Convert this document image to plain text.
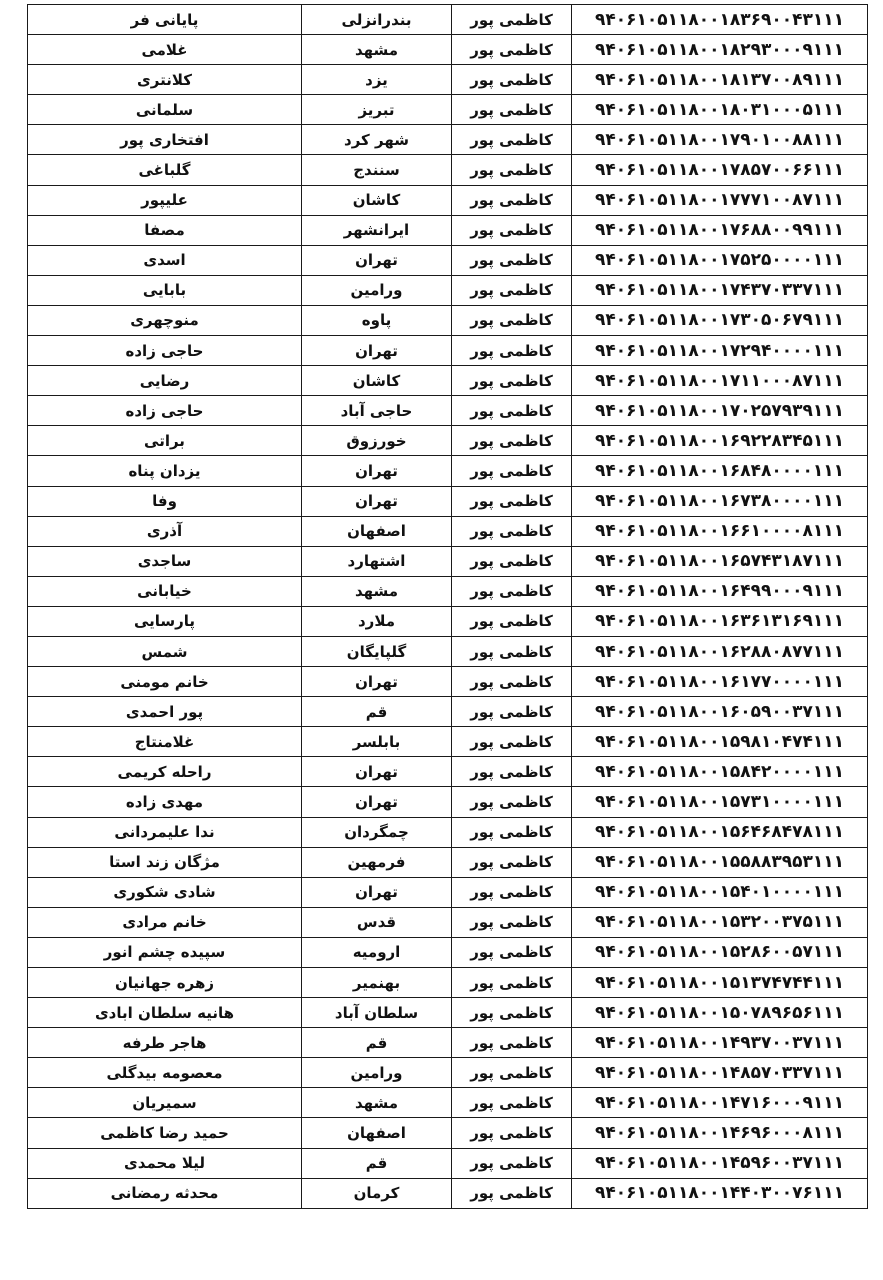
۹۴۰۶۱۰۵۱۱۸۰۰۱۸۳۶۹۰۰۴۳۱۱۱	کاظمی پور	بندرانزلی	پایانی فر
۹۴۰۶۱۰۵۱۱۸۰۰۱۸۲۹۳۰۰۰۹۱۱۱	کاظمی پور	مشهد	غلامی
۹۴۰۶۱۰۵۱۱۸۰۰۱۸۱۳۷۰۰۸۹۱۱۱	کاظمی پور	یزد	کلانتری
۹۴۰۶۱۰۵۱۱۸۰۰۱۸۰۳۱۰۰۰۵۱۱۱	کاظمی پور	تبریز	سلمانی
۹۴۰۶۱۰۵۱۱۸۰۰۱۷۹۰۱۰۰۸۸۱۱۱	کاظمی پور	شهر کرد	افتخاری پور
۹۴۰۶۱۰۵۱۱۸۰۰۱۷۸۵۷۰۰۶۶۱۱۱	کاظمی پور	سنندج	گلباغی
۹۴۰۶۱۰۵۱۱۸۰۰۱۷۷۷۱۰۰۸۷۱۱۱	کاظمی پور	کاشان	علیپور
۹۴۰۶۱۰۵۱۱۸۰۰۱۷۶۸۸۰۰۹۹۱۱۱	کاظمی پور	ایرانشهر	مصفا
۹۴۰۶۱۰۵۱۱۸۰۰۱۷۵۲۵۰۰۰۰۱۱۱	کاظمی پور	تهران	اسدی
۹۴۰۶۱۰۵۱۱۸۰۰۱۷۴۳۷۰۳۳۷۱۱۱	کاظمی پور	ورامین	بابایی
۹۴۰۶۱۰۵۱۱۸۰۰۱۷۳۰۵۰۶۷۹۱۱۱	کاظمی پور	پاوه	منوچهری
۹۴۰۶۱۰۵۱۱۸۰۰۱۷۲۹۴۰۰۰۰۱۱۱	کاظمی پور	تهران	حاجی زاده
۹۴۰۶۱۰۵۱۱۸۰۰۱۷۱۱۰۰۰۸۷۱۱۱	کاظمی پور	کاشان	رضایی
۹۴۰۶۱۰۵۱۱۸۰۰۱۷۰۲۵۷۹۳۹۱۱۱	کاظمی پور	حاجی آباد	حاجی زاده
۹۴۰۶۱۰۵۱۱۸۰۰۱۶۹۲۲۸۳۴۵۱۱۱	کاظمی پور	خورزوق	براتی
۹۴۰۶۱۰۵۱۱۸۰۰۱۶۸۴۸۰۰۰۰۱۱۱	کاظمی پور	تهران	یزدان پناه
۹۴۰۶۱۰۵۱۱۸۰۰۱۶۷۳۸۰۰۰۰۱۱۱	کاظمی پور	تهران	وفا
۹۴۰۶۱۰۵۱۱۸۰۰۱۶۶۱۰۰۰۰۸۱۱۱	کاظمی پور	اصفهان	آذری
۹۴۰۶۱۰۵۱۱۸۰۰۱۶۵۷۴۳۱۸۷۱۱۱	کاظمی پور	اشتهارد	ساجدی
۹۴۰۶۱۰۵۱۱۸۰۰۱۶۴۹۹۰۰۰۹۱۱۱	کاظمی پور	مشهد	خیابانی
۹۴۰۶۱۰۵۱۱۸۰۰۱۶۳۶۱۳۱۶۹۱۱۱	کاظمی پور	ملارد	پارسایی
۹۴۰۶۱۰۵۱۱۸۰۰۱۶۲۸۸۰۸۷۷۱۱۱	کاظمی پور	گلپایگان	شمس
۹۴۰۶۱۰۵۱۱۸۰۰۱۶۱۷۷۰۰۰۰۱۱۱	کاظمی پور	تهران	خانم مومنی
۹۴۰۶۱۰۵۱۱۸۰۰۱۶۰۵۹۰۰۳۷۱۱۱	کاظمی پور	قم	پور احمدی
۹۴۰۶۱۰۵۱۱۸۰۰۱۵۹۸۱۰۴۷۴۱۱۱	کاظمی پور	بابلسر	غلامنتاج
۹۴۰۶۱۰۵۱۱۸۰۰۱۵۸۴۲۰۰۰۰۱۱۱	کاظمی پور	تهران	راحله کریمی
۹۴۰۶۱۰۵۱۱۸۰۰۱۵۷۳۱۰۰۰۰۱۱۱	کاظمی پور	تهران	مهدی زاده
۹۴۰۶۱۰۵۱۱۸۰۰۱۵۶۴۶۸۴۷۸۱۱۱	کاظمی پور	چمگردان	ندا علیمردانی
۹۴۰۶۱۰۵۱۱۸۰۰۱۵۵۸۸۳۹۵۳۱۱۱	کاظمی پور	فرمهین	مژگان زند استا
۹۴۰۶۱۰۵۱۱۸۰۰۱۵۴۰۱۰۰۰۰۱۱۱	کاظمی پور	تهران	شادی شکوری
۹۴۰۶۱۰۵۱۱۸۰۰۱۵۳۲۰۰۳۷۵۱۱۱	کاظمی پور	قدس	خانم مرادی
۹۴۰۶۱۰۵۱۱۸۰۰۱۵۲۸۶۰۰۵۷۱۱۱	کاظمی پور	ارومیه	سپیده چشم انور
۹۴۰۶۱۰۵۱۱۸۰۰۱۵۱۳۷۴۷۴۴۱۱۱	کاظمی پور	بهنمیر	زهره جهانیان
۹۴۰۶۱۰۵۱۱۸۰۰۱۵۰۷۸۹۶۵۶۱۱۱	کاظمی پور	سلطان آباد	هانیه سلطان ابادی
۹۴۰۶۱۰۵۱۱۸۰۰۱۴۹۳۷۰۰۳۷۱۱۱	کاظمی پور	قم	هاجر طرفه
۹۴۰۶۱۰۵۱۱۸۰۰۱۴۸۵۷۰۳۳۷۱۱۱	کاظمی پور	ورامین	معصومه بیدگلی
۹۴۰۶۱۰۵۱۱۸۰۰۱۴۷۱۶۰۰۰۹۱۱۱	کاظمی پور	مشهد	سمیریان
۹۴۰۶۱۰۵۱۱۸۰۰۱۴۶۹۶۰۰۰۸۱۱۱	کاظمی پور	اصفهان	حمید رضا کاظمی
۹۴۰۶۱۰۵۱۱۸۰۰۱۴۵۹۶۰۰۳۷۱۱۱	کاظمی پور	قم	لیلا محمدی
۹۴۰۶۱۰۵۱۱۸۰۰۱۴۴۰۳۰۰۷۶۱۱۱	کاظمی پور	کرمان	محدثه رمضانی
